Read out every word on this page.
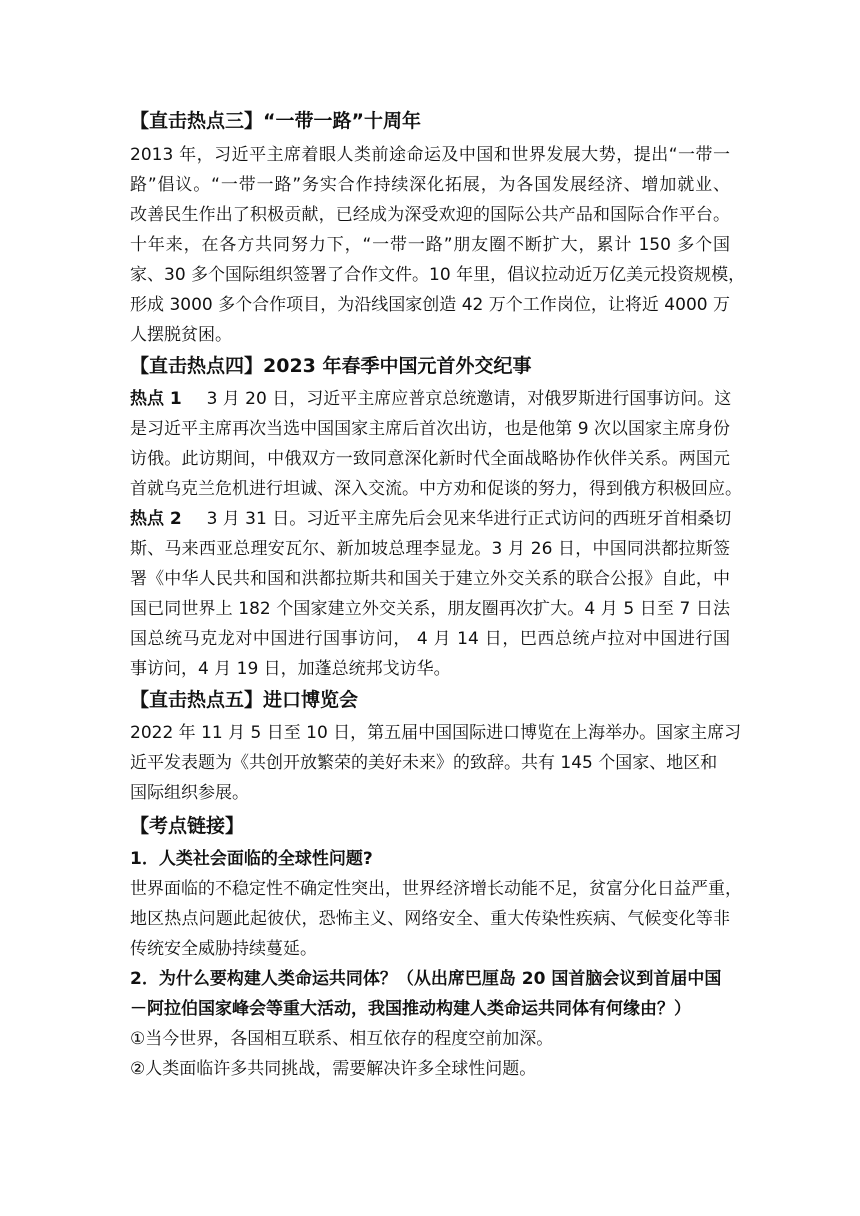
【直击热点三】“一带一路”十周年
2013 年，习近平主席着眼人类前途命运及中国和世界发展大势，提出“一带一
路”倡议。“一带一路”务实合作持续深化拓展，为各国发展经济、增加就业、
改善民生作出了积极贡献，已经成为深受欢迎的国际公共产品和国际合作平台。
十年来，在各方共同努力下，“一带一路”朋友圈不断扩大，累计 150 多个国
家、30 多个国际组织签署了合作文件。10 年里，倡议拉动近万亿美元投资规模，
形成 3000 多个合作项目，为沿线国家创造 42 万个工作岗位，让将近 4000 万
人摆脱贫困。
【直击热点四】2023 年春季中国元首外交纪事
热点 1 3 月 20 日，习近平主席应普京总统邀请，对俄罗斯进行国事访问。这
是习近平主席再次当选中国国家主席后首次出访，也是他第 9 次以国家主席身份
访俄。此访期间，中俄双方一致同意深化新时代全面战略协作伙伴关系。两国元
首就乌克兰危机进行坦诚、深入交流。中方劝和促谈的努力，得到俄方积极回应。
热点 2 3 月 31 日。习近平主席先后会见来华进行正式访问的西班牙首相桑切
斯、马来西亚总理安瓦尔、新加坡总理李显龙。3 月 26 日，中国同洪都拉斯签
署《中华人民共和国和洪都拉斯共和国关于建立外交关系的联合公报》自此，中
国已同世界上 182 个国家建立外交关系，朋友圈再次扩大。4 月 5 日至 7 日法
国总统马克龙对中国进行国事访问， 4 月 14 日，巴西总统卢拉对中国进行国
事访问，4 月 19 日，加蓬总统邦戈访华。
【直击热点五】进口博览会
2022 年 11 月 5 日至 10 日，第五届中国国际进口博览在上海举办。国家主席习
近平发表题为《共创开放繁荣的美好未来》的致辞。共有 145 个国家、地区和
国际组织参展。
【考点链接】
1．人类社会面临的全球性问题?
世界面临的不稳定性不确定性突出，世界经济增长动能不足，贫富分化日益严重，
地区热点问题此起彼伏，恐怖主义、网络安全、重大传染性疾病、气候变化等非
传统安全威胁持续蔓延。
2．为什么要构建人类命运共同体？（从出席巴厘岛 20 国首脑会议到首届中国
－阿拉伯国家峰会等重大活动，我国推动构建人类命运共同体有何缘由？）
①当今世界，各国相互联系、相互依存的程度空前加深。
②人类面临许多共同挑战，需要解决许多全球性问题。
